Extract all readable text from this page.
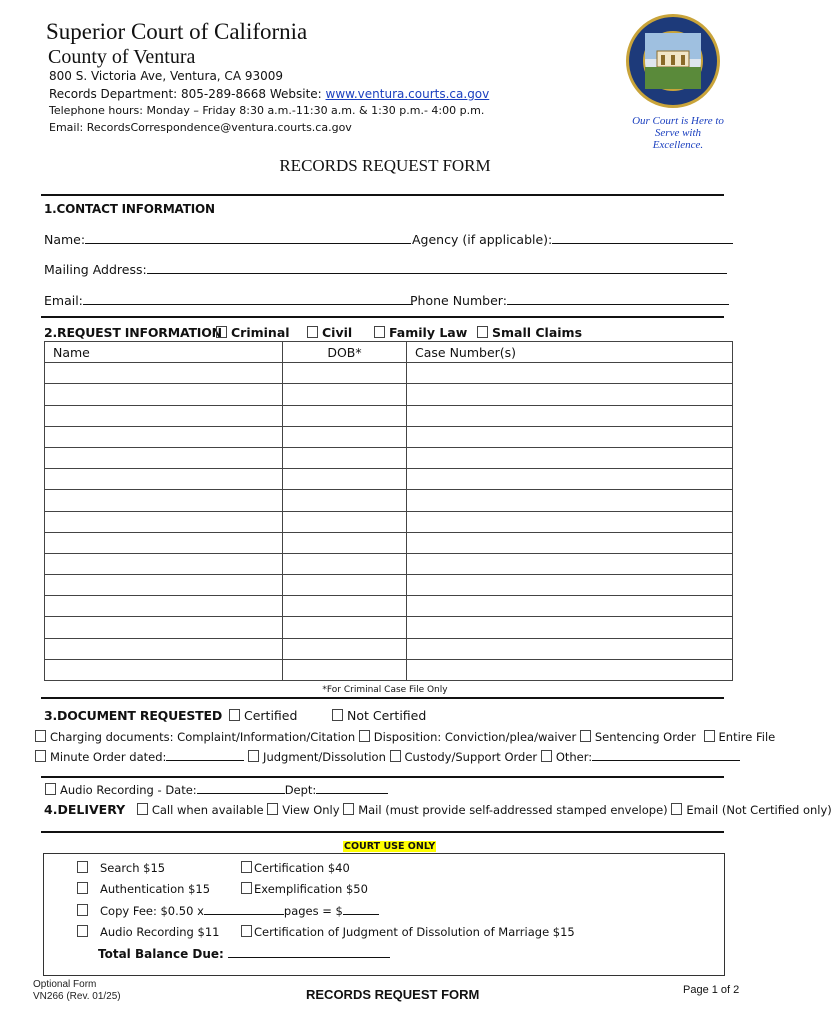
Superior Court of California
County of Ventura
800 S. Victoria Ave, Ventura, CA 93009
Records Department: 805-289-8668 Website: www.ventura.courts.ca.gov
Telephone hours: Monday – Friday 8:30 a.m.-11:30 a.m. & 1:30 p.m.- 4:00 p.m.
Email: RecordsCorrespondence@ventura.courts.ca.gov	Our Court is Here to
Serve with Excellence.
RECORDS REQUEST FORM
1.CONTACT INFORMATION
Name:	Agency (if applicable):
Mailing Address:
Email:	Phone Number:
2.REQUEST INFORMATION Criminal	Civil	Family Law	Small Claims
Name	DOB*	Case Number(s)

*For Criminal Case File Only
3.DOCUMENT REQUESTED	Certified	Not Certified
Charging documents: Complaint/Information/Citation Disposition: Conviction/plea/waiver Sentencing Order Entire File
Minute Order dated:	Judgment/Dissolution Custody/Support Order Other:
Audio Recording - Date:	Dept:
4.DELIVERY Call when available View Only Mail (must provide self-addressed stamped envelope) Email (Not Certified only)
COURT USE ONLY
Search $15
Authentication $15
Copy Fee: $0.50 x	pages = $
Audio Recording $11
Certification $40
Exemplification $50
Certification of Judgment of Dissolution of Marriage $15
Total Balance Due:
Optional Form
VN266 (Rev. 01/25)	RECORDS REQUEST FORM	Page 1 of 2
